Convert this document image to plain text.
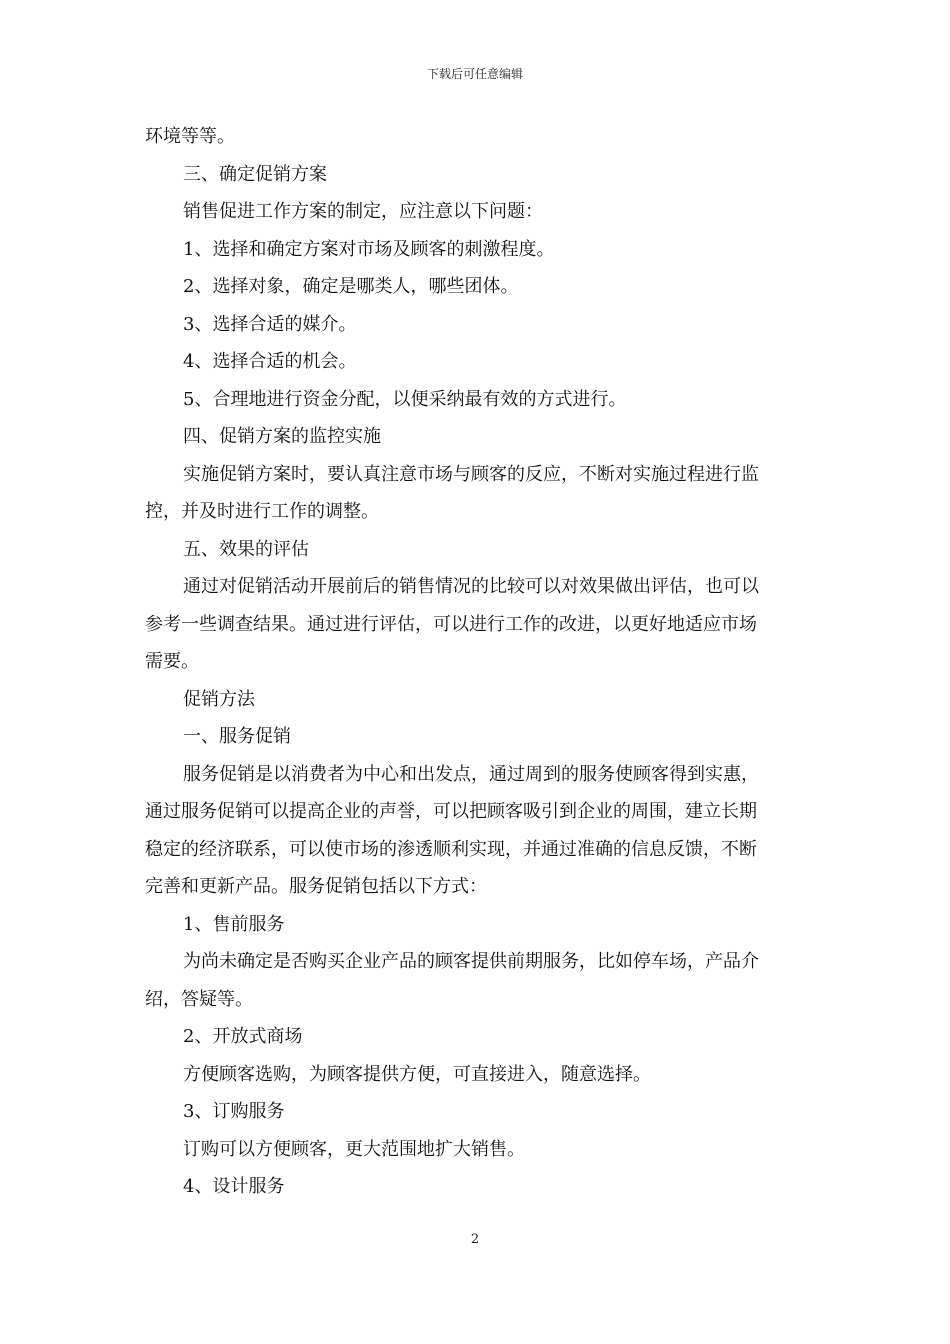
下载后可任意编辑

环境等等。

三、确定促销方案

销售促进工作方案的制定，应注意以下问题：

1、选择和确定方案对市场及顾客的刺激程度。

2、选择对象，确定是哪类人，哪些团体。

3、选择合适的媒介。

4、选择合适的机会。

5、合理地进行资金分配，以便采纳最有效的方式进行。

四、促销方案的监控实施

实施促销方案时，要认真注意市场与顾客的反应，不断对实施过程进行监

控，并及时进行工作的调整。

五、效果的评估

通过对促销活动开展前后的销售情况的比较可以对效果做出评估，也可以

参考一些调查结果。通过进行评估，可以进行工作的改进，以更好地适应市场

需要。

促销方法

一、服务促销

服务促销是以消费者为中心和出发点，通过周到的服务使顾客得到实惠，

通过服务促销可以提高企业的声誉，可以把顾客吸引到企业的周围，建立长期

稳定的经济联系，可以使市场的渗透顺利实现，并通过准确的信息反馈，不断

完善和更新产品。服务促销包括以下方式：

1、售前服务

为尚未确定是否购买企业产品的顾客提供前期服务，比如停车场，产品介

绍，答疑等。

2、开放式商场

方便顾客选购，为顾客提供方便，可直接进入，随意选择。

3、订购服务

订购可以方便顾客，更大范围地扩大销售。

4、设计服务

2
